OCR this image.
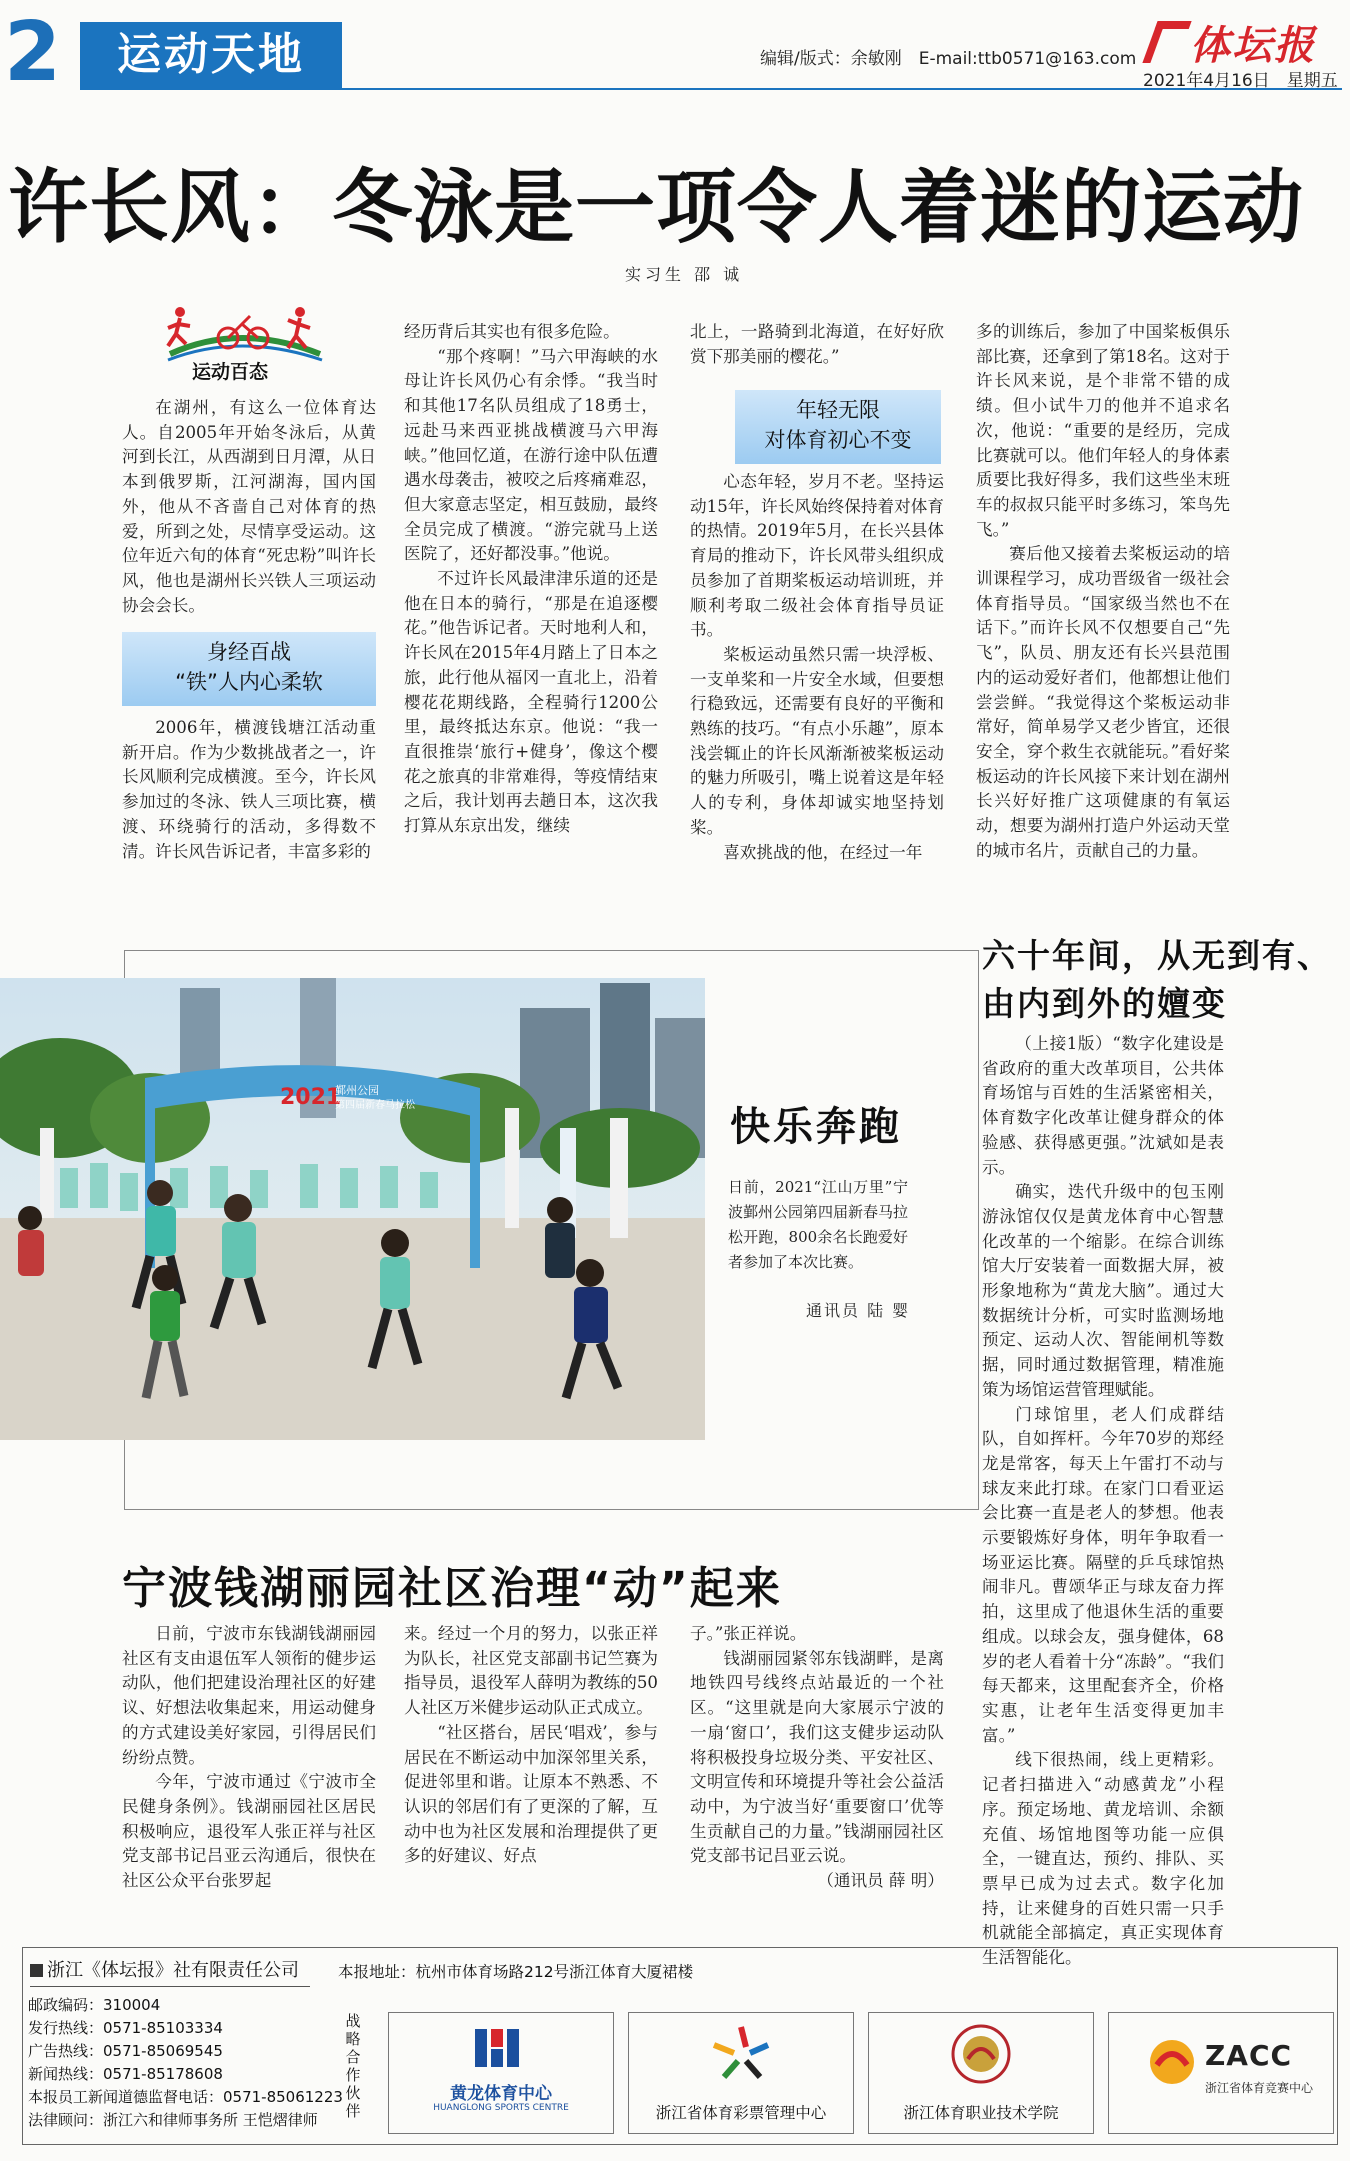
2	运动天地	编辑/版式：余敏刚　E-mail:ttb0571@163.com	体坛报
2021年4月16日　星期五
许长风：冬泳是一项令人着迷的运动
实习生 邵 诚
运动百态

在湖州，有这么一位体育达人。自2005年开始冬泳后，从黄河到长江，从西湖到日月潭，从日本到俄罗斯，江河湖海，国内国外，他从不吝啬自己对体育的热爱，所到之处，尽情享受运动。这位年近六旬的体育“死忠粉”叫许长风，他也是湖州长兴铁人三项运动协会会长。

身经百战
“铁”人内心柔软

2006年，横渡钱塘江活动重新开启。作为少数挑战者之一，许长风顺利完成横渡。至今，许长风参加过的冬泳、铁人三项比赛，横渡、环绕骑行的活动，多得数不清。许长风告诉记者，丰富多彩的

经历背后其实也有很多危险。

“那个疼啊！”马六甲海峡的水母让许长风仍心有余悸。“我当时和其他17名队员组成了18勇士，远赴马来西亚挑战横渡马六甲海峡。”他回忆道，在游行途中队伍遭遇水母袭击，被咬之后疼痛难忍，但大家意志坚定，相互鼓励，最终全员完成了横渡。“游完就马上送医院了，还好都没事。”他说。

不过许长风最津津乐道的还是他在日本的骑行，“那是在追逐樱花。”他告诉记者。天时地利人和，许长风在2015年4月踏上了日本之旅，此行他从福冈一直北上，沿着樱花花期线路，全程骑行1200公里，最终抵达东京。他说：“我一直很推崇‘旅行+健身’，像这个樱花之旅真的非常难得，等疫情结束之后，我计划再去趟日本，这次我打算从东京出发，继续

北上，一路骑到北海道，在好好欣赏下那美丽的樱花。”

年轻无限
对体育初心不变

心态年轻，岁月不老。坚持运动15年，许长风始终保持着对体育的热情。2019年5月，在长兴县体育局的推动下，许长风带头组织成员参加了首期桨板运动培训班，并顺利考取二级社会体育指导员证书。

桨板运动虽然只需一块浮板、一支单桨和一片安全水域，但要想行稳致远，还需要有良好的平衡和熟练的技巧。“有点小乐趣”，原本浅尝辄止的许长风渐渐被桨板运动的魅力所吸引，嘴上说着这是年轻人的专利，身体却诚实地坚持划桨。

喜欢挑战的他，在经过一年

多的训练后，参加了中国桨板俱乐部比赛，还拿到了第18名。这对于许长风来说，是个非常不错的成绩。但小试牛刀的他并不追求名次，他说：“重要的是经历，完成比赛就可以。他们年轻人的身体素质要比我好得多，我们这些坐末班车的叔叔只能平时多练习，笨鸟先飞。”

赛后他又接着去桨板运动的培训课程学习，成功晋级省一级社会体育指导员。“国家级当然也不在话下。”而许长风不仅想要自己“先飞”，队员、朋友还有长兴县范围内的运动爱好者们，他都想让他们尝尝鲜。“我觉得这个桨板运动非常好，简单易学又老少皆宜，还很安全，穿个救生衣就能玩。”看好桨板运动的许长风接下来计划在湖州长兴好好推广这项健康的有氧运动，想要为湖州打造户外运动天堂的城市名片，贡献自己的力量。

2021
鄞州公园
第四届新春马拉松	快乐奔跑
日前，2021“江山万里”宁波鄞州公园第四届新春马拉松开跑，800余名长跑爱好者参加了本次比赛。
通讯员 陆 婴
六十年间，从无到有、
由内到外的嬗变

（上接1版）“数字化建设是省政府的重大改革项目，公共体育场馆与百姓的生活紧密相关，体育数字化改革让健身群众的体验感、获得感更强。”沈斌如是表示。

确实，迭代升级中的包玉刚游泳馆仅仅是黄龙体育中心智慧化改革的一个缩影。在综合训练馆大厅安装着一面数据大屏，被形象地称为“黄龙大脑”。通过大数据统计分析，可实时监测场地预定、运动人次、智能闸机等数据，同时通过数据管理，精准施策为场馆运营管理赋能。

门球馆里，老人们成群结队，自如挥杆。今年70岁的郑经龙是常客，每天上午雷打不动与球友来此打球。在家门口看亚运会比赛一直是老人的梦想。他表示要锻炼好身体，明年争取看一场亚运比赛。隔壁的乒乓球馆热闹非凡。曹颂华正与球友奋力挥拍，这里成了他退休生活的重要组成。以球会友，强身健体，68岁的老人看着十分“冻龄”。“我们每天都来，这里配套齐全，价格实惠，让老年生活变得更加丰富。”

线下很热闹，线上更精彩。记者扫描进入“动感黄龙”小程序。预定场地、黄龙培训、余额充值、场馆地图等功能一应俱全，一键直达，预约、排队、买票早已成为过去式。数字化加持，让来健身的百姓只需一只手机就能全部搞定，真正实现体育生活智能化。

宁波钱湖丽园社区治理“动”起来

日前，宁波市东钱湖钱湖丽园社区有支由退伍军人领衔的健步运动队，他们把建设治理社区的好建议、好想法收集起来，用运动健身的方式建设美好家园，引得居民们纷纷点赞。

今年，宁波市通过《宁波市全民健身条例》。钱湖丽园社区居民积极响应，退役军人张正祥与社区党支部书记吕亚云沟通后，很快在社区公众平台张罗起

来。经过一个月的努力，以张正祥为队长，社区党支部副书记竺赛为指导员，退役军人薛明为教练的50人社区万米健步运动队正式成立。

“社区搭台，居民‘唱戏’，参与居民在不断运动中加深邻里关系，促进邻里和谐。让原本不熟悉、不认识的邻居们有了更深的了解，互动中也为社区发展和治理提供了更多的好建议、好点

子。”张正祥说。

钱湖丽园紧邻东钱湖畔，是离地铁四号线终点站最近的一个社区。“这里就是向大家展示宁波的一扇‘窗口’，我们这支健步运动队将积极投身垃圾分类、平安社区、文明宣传和环境提升等社会公益活动中，为宁波当好‘重要窗口’优等生贡献自己的力量。”钱湖丽园社区党支部书记吕亚云说。

（通讯员 薛 明）

浙江《体坛报》社有限责任公司	本报地址：杭州市体育场路212号浙江体育大厦裙楼
邮政编码：310004
发行热线：0571-85103334
广告热线：0571-85069545
新闻热线：0571-85178608
本报员工新闻道德监督电话：0571-85061223
法律顾问：浙江六和律师事务所 王恺熠律师
战略合作伙伴
黄龙体育中心
HUANGLONG SPORTS CENTRE	浙江省体育彩票管理中心	浙江体育职业技术学院
ZACC
浙江省体育竞赛中心
